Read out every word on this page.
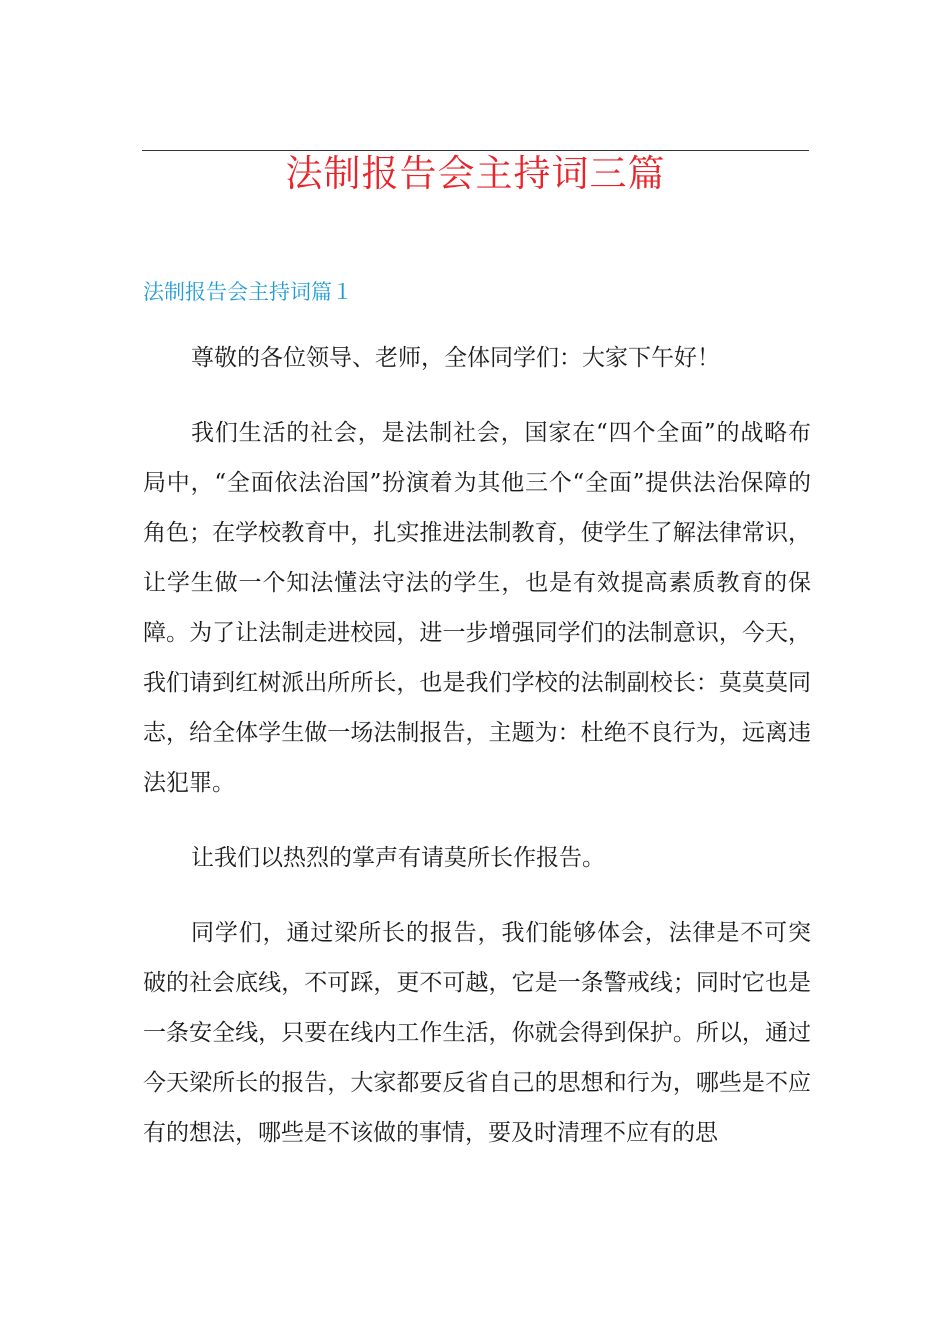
法制报告会主持词三篇
法制报告会主持词篇１

尊敬的各位领导、老师，全体同学们：大家下午好！

我们生活的社会，是法制社会，国家在“四个全面”的战略布局中，“全面依法治国”扮演着为其他三个“全面”提供法治保障的角色；在学校教育中，扎实推进法制教育，使学生了解法律常识，让学生做一个知法懂法守法的学生，也是有效提高素质教育的保障。为了让法制走进校园，进一步增强同学们的法制意识，今天，我们请到红树派出所所长，也是我们学校的法制副校长：莫莫莫同志，给全体学生做一场法制报告，主题为：杜绝不良行为，远离违法犯罪。

让我们以热烈的掌声有请莫所长作报告。

同学们，通过梁所长的报告，我们能够体会，法律是不可突破的社会底线，不可踩，更不可越，它是一条警戒线；同时它也是一条安全线，只要在线内工作生活，你就会得到保护。所以，通过今天梁所长的报告，大家都要反省自己的思想和行为，哪些是不应有的想法，哪些是不该做的事情，要及时清理不应有的思
